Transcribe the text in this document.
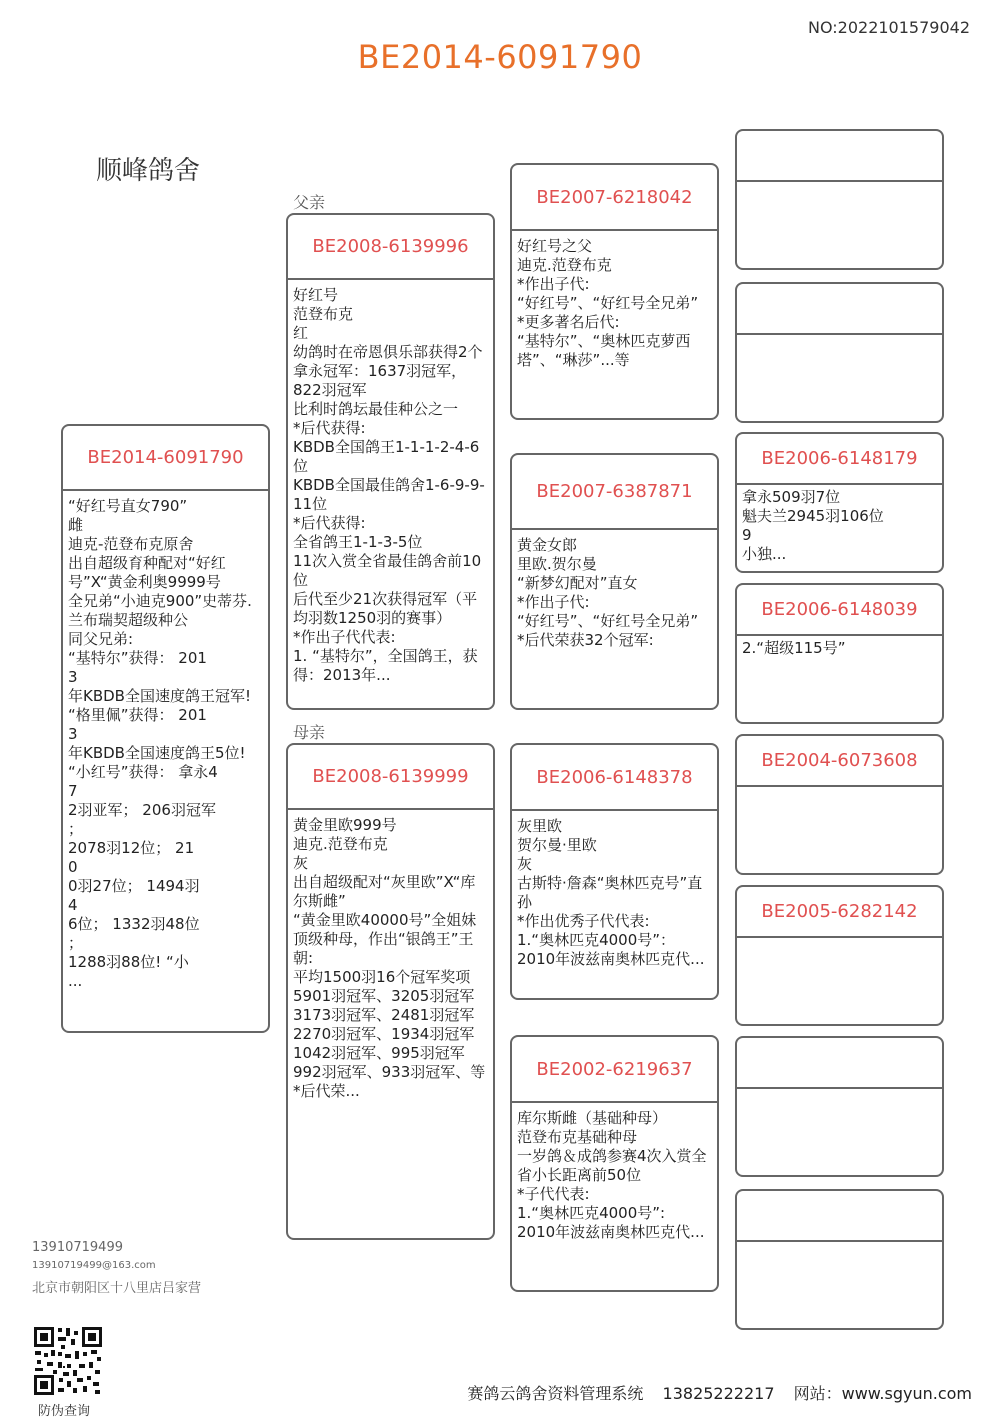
NO:2022101579042
BE2014-6091790
顺峰鸽舍
BE2014-6091790
“好红号直女790”
雌
迪克-范登布克原舍
出自超级育种配对“好红号”X“黄金利奥9999号
全兄弟“小迪克900”史蒂芬.兰布瑞契超级种公
同父兄弟:
“基特尔”获得： 201
3
年KBDB全国速度鸽王冠军!
“格里佩”获得： 201
3
年KBDB全国速度鸽王5位!
“小红号”获得： 拿永4
7
2羽亚军； 206羽冠军
；
2078羽12位； 21
0
0羽27位； 1494羽
4
6位； 1332羽48位
；
1288羽88位! “小
...
父亲
BE2008-6139996
好红号
范登布克
红
幼鸽时在帝恩俱乐部获得2个拿永冠军：1637羽冠军，822羽冠军
比利时鸽坛最佳种公之一
*后代获得:
KBDB全国鸽王1-1-1-2-4-6位
KBDB全国最佳鸽舍1-6-9-9-11位
*后代获得:
全省鸽王1-1-3-5位
11次入赏全省最佳鸽舍前10位
后代至少21次获得冠军（平均羽数1250羽的赛事）
*作出子代代表:
1. “基特尔”，全国鸽王，获得：2013年...
母亲
BE2008-6139999
黄金里欧999号
迪克.范登布克
灰
出自超级配对“灰里欧”X“库尔斯雌”
“黄金里欧40000号”全姐妹
顶级种母，作出“银鸽王”王朝:
平均1500羽16个冠军奖项
5901羽冠军、3205羽冠军
3173羽冠军、2481羽冠军
2270羽冠军、1934羽冠军
1042羽冠军、995羽冠军
992羽冠军、933羽冠军、等
*后代荣...
BE2007-6218042
好红号之父
迪克.范登布克
*作出子代:
“好红号”、“好红号全兄弟”
*更多著名后代:
“基特尔”、“奥林匹克萝西塔”、“琳莎”...等
BE2007-6387871
黄金女郎
里欧.贺尔曼
“新梦幻配对”直女
*作出子代:
“好红号”、“好红号全兄弟”
*后代荣获32个冠军:
BE2006-6148378
灰里欧
贺尔曼·里欧
灰
古斯特·詹森“奥林匹克号”直孙
*作出优秀子代代表:
1.“奥林匹克4000号”：2010年波兹南奥林匹克代...
BE2002-6219637
库尔斯雌（基础种母）
范登布克基础种母
一岁鸽＆成鸽参赛4次入赏全省小长距离前50位
*子代代表:
1.“奥林匹克4000号”:
2010年波兹南奥林匹克代...
BE2006-6148179
拿永509羽7位
魁夫兰2945羽106位
9
小独...
BE2006-6148039
2.“超级115号”
BE2004-6073608
BE2005-6282142
13910719499
13910719499@163.com
北京市朝阳区十八里店吕家营
防伪查询
赛鸽云鸽舍资料管理系统 13825222217 网站：www.sgyun.com
